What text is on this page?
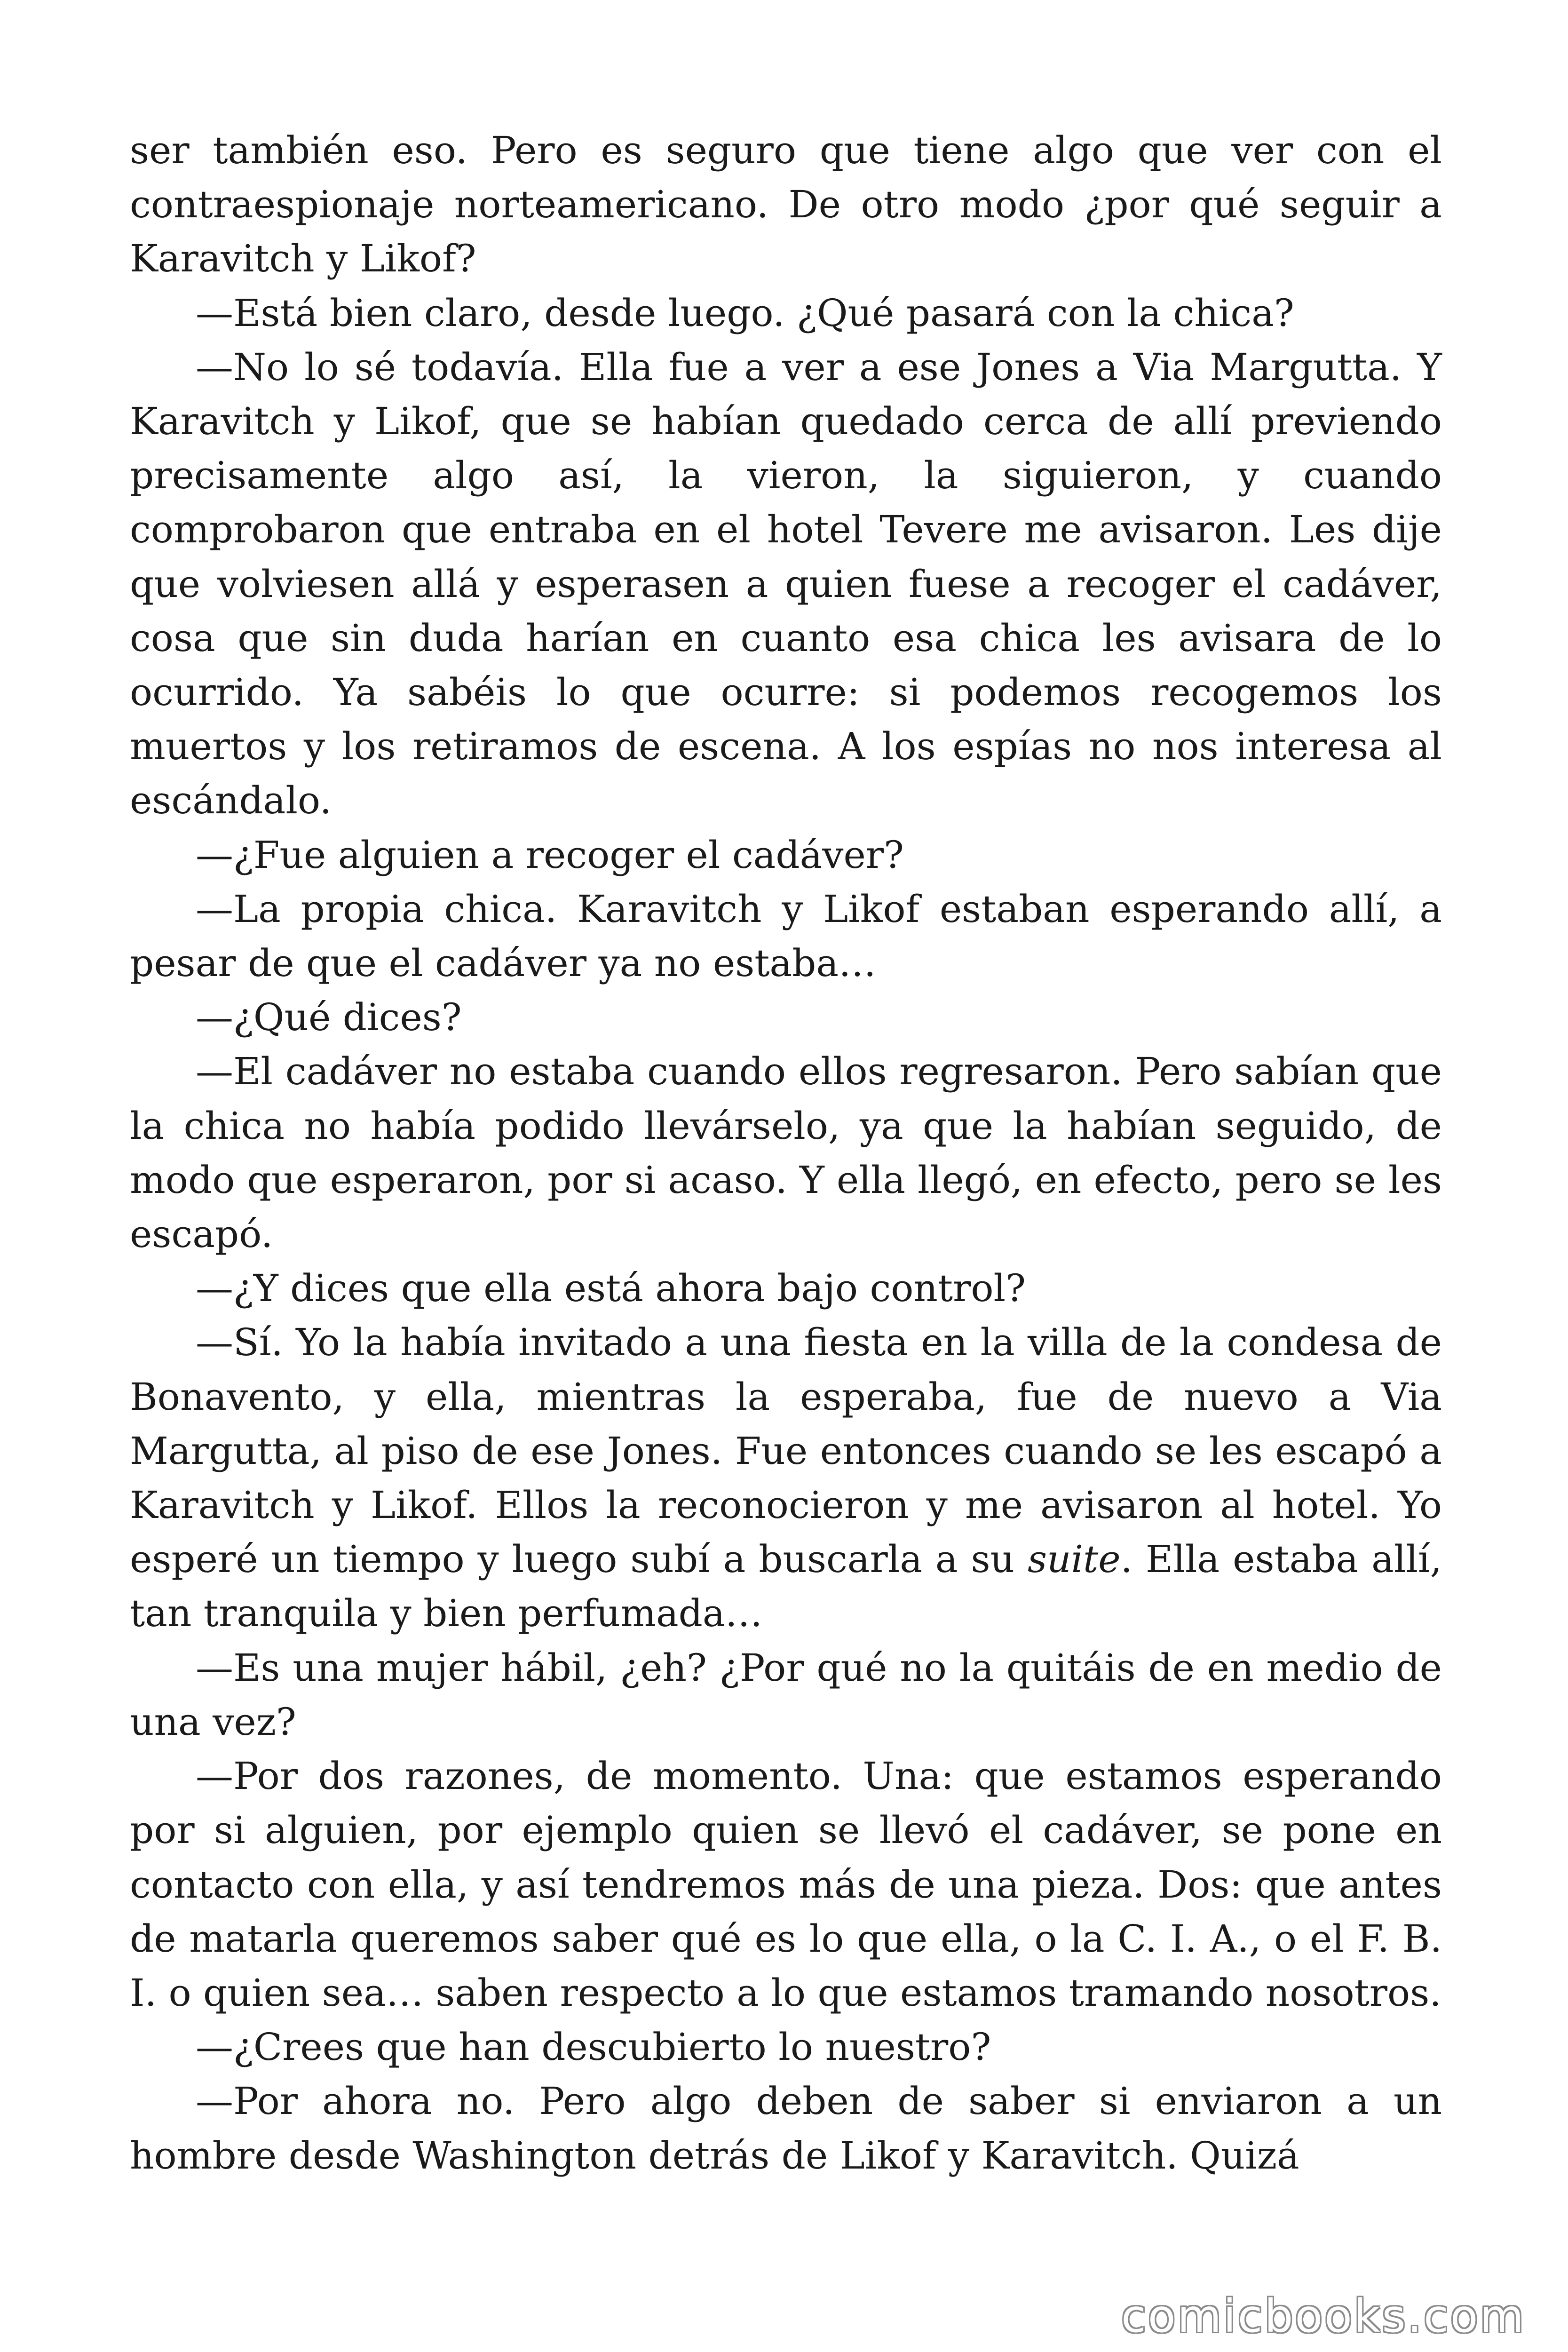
ser también eso. Pero es seguro que tiene algo que ver con el contraespionaje norteamericano. De otro modo ¿por qué seguir a Karavitch y Likof?

—Está bien claro, desde luego. ¿Qué pasará con la chica?

—No lo sé todavía. Ella fue a ver a ese Jones a Via Margutta. Y Karavitch y Likof, que se habían quedado cerca de allí previendo precisamente algo así, la vieron, la siguieron, y cuando comprobaron que entraba en el hotel Tevere me avisaron. Les dije que volviesen allá y esperasen a quien fuese a recoger el cadáver, cosa que sin duda harían en cuanto esa chica les avisara de lo ocurrido. Ya sabéis lo que ocurre: si podemos recogemos los muertos y los retiramos de escena. A los espías no nos interesa al escándalo.

—¿Fue alguien a recoger el cadáver?

—La propia chica. Karavitch y Likof estaban esperando allí, a pesar de que el cadáver ya no estaba…

—¿Qué dices?

—El cadáver no estaba cuando ellos regresaron. Pero sabían que la chica no había podido llevárselo, ya que la habían seguido, de modo que esperaron, por si acaso. Y ella llegó, en efecto, pero se les escapó.

—¿Y dices que ella está ahora bajo control?

—Sí. Yo la había invitado a una fiesta en la villa de la condesa de Bonavento, y ella, mientras la esperaba, fue de nuevo a Via Margutta, al piso de ese Jones. Fue entonces cuando se les escapó a Karavitch y Likof. Ellos la reconocieron y me avisaron al hotel. Yo esperé un tiempo y luego subí a buscarla a su suite. Ella estaba allí, tan tranquila y bien perfumada…

—Es una mujer hábil, ¿eh? ¿Por qué no la quitáis de en medio de una vez?

—Por dos razones, de momento. Una: que estamos esperando por si alguien, por ejemplo quien se llevó el cadáver, se pone en contacto con ella, y así tendremos más de una pieza. Dos: que antes de matarla queremos saber qué es lo que ella, o la C. I. A., o el F. B. I. o quien sea… saben respecto a lo que estamos tramando nosotros.

—¿Crees que han descubierto lo nuestro?

—Por ahora no. Pero algo deben de saber si enviaron a un hombre desde Washington detrás de Likof y Karavitch. Quizá

comicbooks.com
